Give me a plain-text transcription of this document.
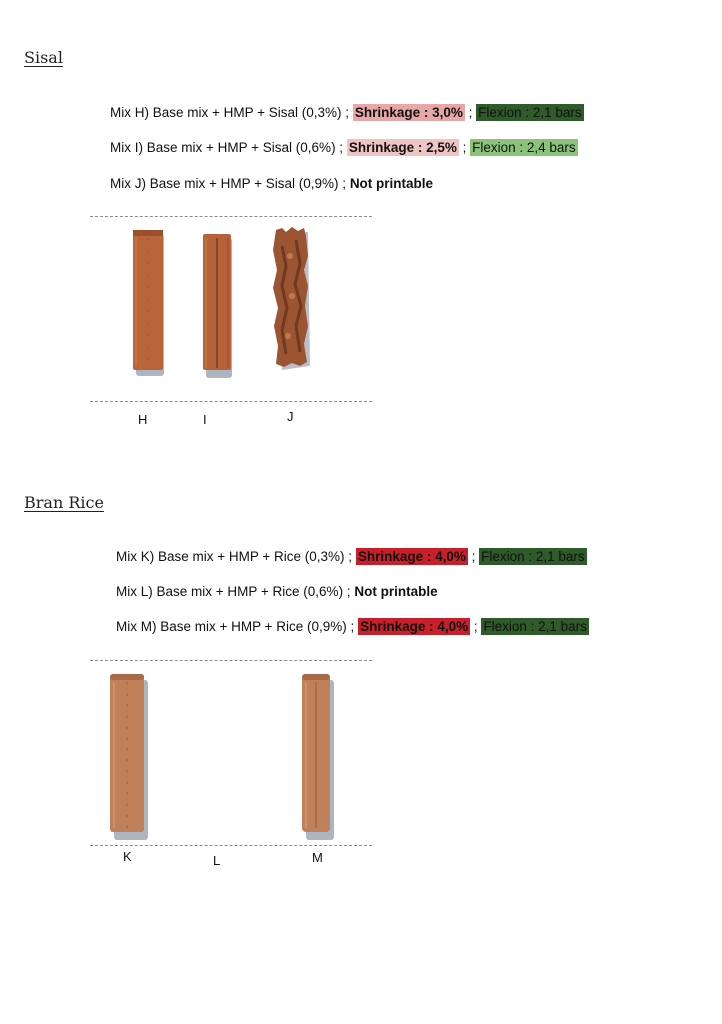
Sisal
Mix H) Base mix + HMP + Sisal (0,3%) ; Shrinkage : 3,0% ; Flexion : 2,1 bars
Mix I) Base mix + HMP + Sisal (0,6%) ; Shrinkage : 2,5% ; Flexion : 2,4 bars
Mix J) Base mix + HMP + Sisal (0,9%) ; Not printable
H	I	J
Bran Rice
Mix K) Base mix + HMP + Rice (0,3%) ; Shrinkage : 4,0% ; Flexion : 2,1 bars
Mix L) Base mix + HMP + Rice (0,6%) ; Not printable
Mix M) Base mix + HMP + Rice (0,9%) ; Shrinkage : 4,0% ; Flexion : 2,1 bars
K	L	M
